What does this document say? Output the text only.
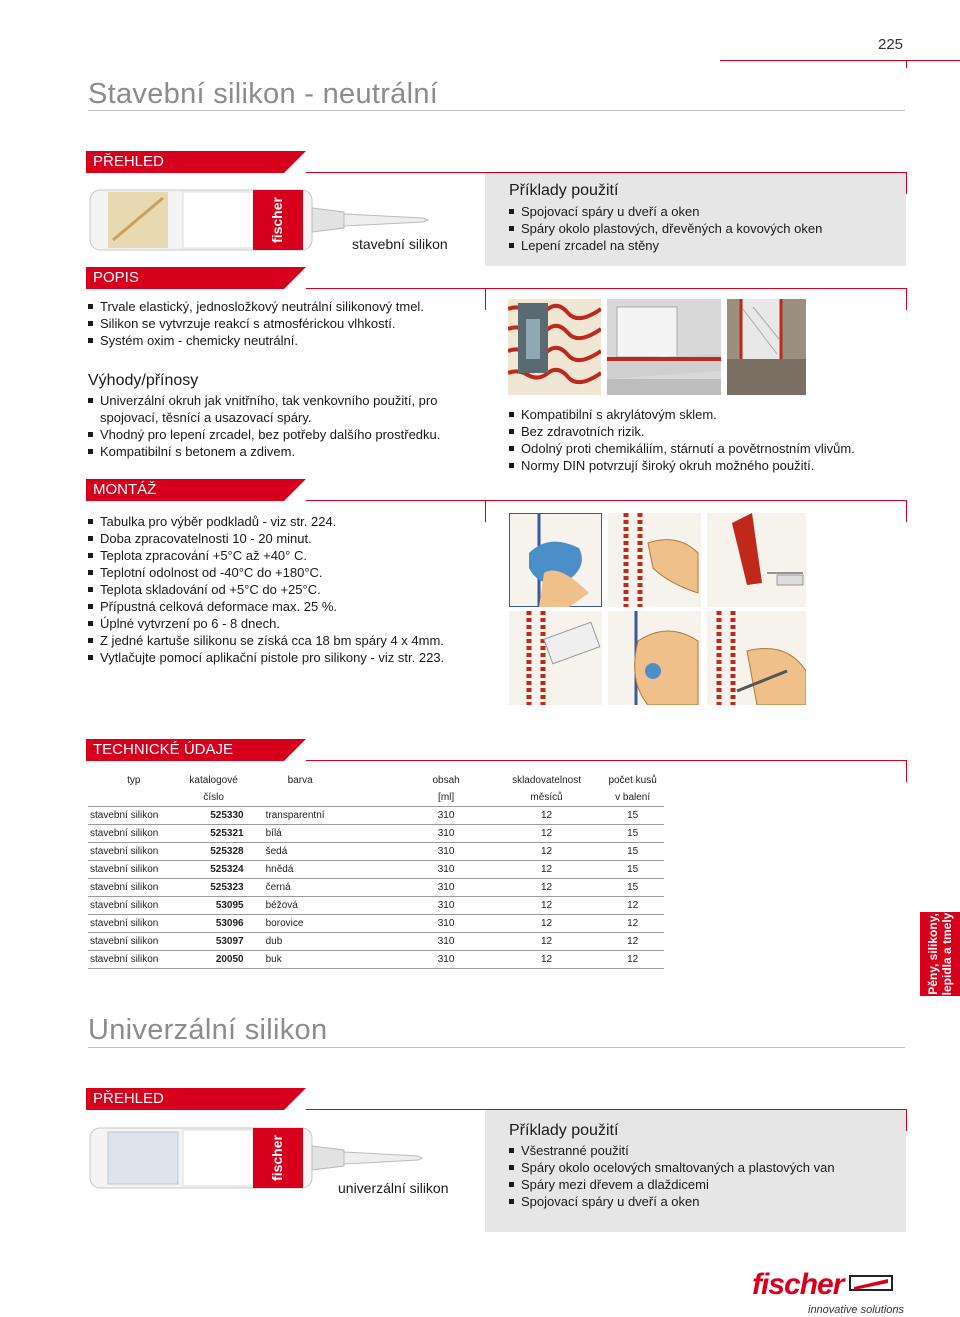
225
Stavební silikon - neutrální
PŘEHLED
fischer
stavební silikon
Příklady použití
Spojovací spáry u dveří a oken
Spáry okolo plastových, dřevěných a kovových oken
Lepení zrcadel na stěny
POPIS
Trvale elastický, jednosložkový neutrální silikonový tmel.
Silikon se vytvrzuje reakcí s atmosférickou vlhkostí.
Systém oxim - chemicky neutrální.
Výhody/přínosy
Univerzální okruh jak vnitřního, tak venkovního použití, pro spojovací, těsnící a usazovací spáry.
Vhodný pro lepení zrcadel, bez potřeby dalšího prostředku.
Kompatibilní s betonem a zdivem.
Kompatibilní s akrylátovým sklem.
Bez zdravotních rizik.
Odolný proti chemikáliím, stárnutí a povětrnostním vlivům.
Normy DIN potvrzují široký okruh možného použití.
MONTÁŽ
Tabulka pro výběr podkladů - viz str. 224.
Doba zpracovatelnosti 10 - 20 minut.
Teplota zpracování +5°C až +40° C.
Teplotní odolnost od -40°C do +180°C.
Teplota skladování od +5°C do +25°C.
Přípustná celková deformace max. 25 %.
Úplné vytvrzení po 6 - 8 dnech.
Z jedné kartuše silikonu se získá cca 18 bm spáry 4 x 4mm.
Vytlačujte pomocí aplikační pistole pro silikony - viz str. 223.
TECHNICKÉ ÚDAJE
typ	katalogové	barva	obsah	skladovatelnost	počet kusů
	číslo		[ml]	měsíců	v balení
stavební silikon	525330	transparentní	310	12	15
stavební silikon	525321	bílá	310	12	15
stavební silikon	525328	šedá	310	12	15
stavební silikon	525324	hnědá	310	12	15
stavební silikon	525323	černá	310	12	15
stavební silikon	53095	béžová	310	12	12
stavební silikon	53096	borovice	310	12	12
stavební silikon	53097	dub	310	12	12
stavební silikon	20050	buk	310	12	12	Pěny, silikony, lepidla a tmely
Univerzální silikon
PŘEHLED
fischer
univerzální silikon
Příklady použití
Všestranné použití
Spáry okolo ocelových smaltovaných a plastových van
Spáry mezi dřevem a dlaždicemi
Spojovací spáry u dveří a oken
fischer
innovative solutions
